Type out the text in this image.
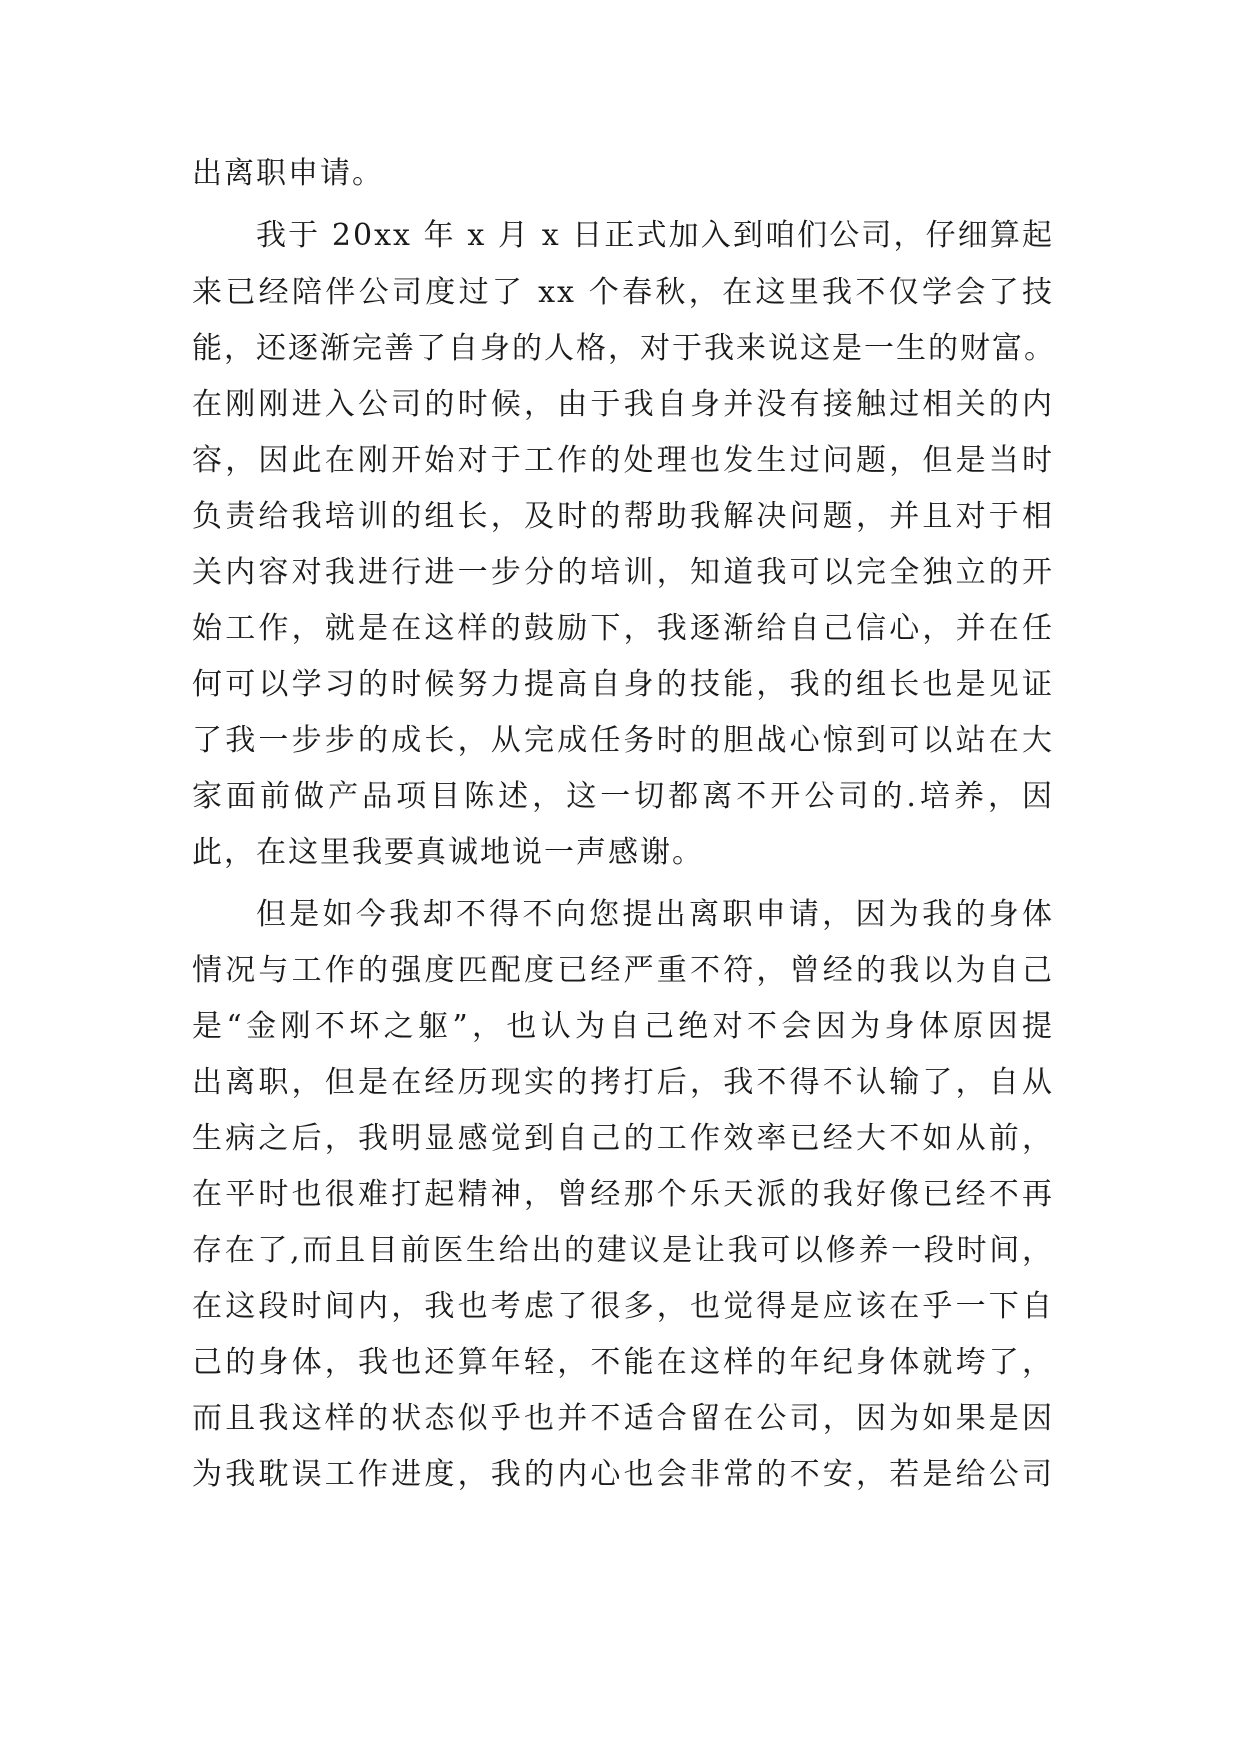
出离职申请。
我于 20xx 年 x 月 x 日正式加入到咱们公司，仔细算起
来已经陪伴公司度过了 xx 个春秋，在这里我不仅学会了技
能，还逐渐完善了自身的人格，对于我来说这是一生的财富。
在刚刚进入公司的时候，由于我自身并没有接触过相关的内
容，因此在刚开始对于工作的处理也发生过问题，但是当时
负责给我培训的组长，及时的帮助我解决问题，并且对于相
关内容对我进行进一步分的培训，知道我可以完全独立的开
始工作，就是在这样的鼓励下，我逐渐给自己信心，并在任
何可以学习的时候努力提高自身的技能，我的组长也是见证
了我一步步的成长，从完成任务时的胆战心惊到可以站在大
家面前做产品项目陈述，这一切都离不开公司的.培养，因
此，在这里我要真诚地说一声感谢。
但是如今我却不得不向您提出离职申请，因为我的身体
情况与工作的强度匹配度已经严重不符，曾经的我以为自己
是“金刚不坏之躯”，也认为自己绝对不会因为身体原因提
出离职，但是在经历现实的拷打后，我不得不认输了，自从
生病之后，我明显感觉到自己的工作效率已经大不如从前，
在平时也很难打起精神，曾经那个乐天派的我好像已经不再
存在了,而且目前医生给出的建议是让我可以修养一段时间，
在这段时间内，我也考虑了很多，也觉得是应该在乎一下自
己的身体，我也还算年轻，不能在这样的年纪身体就垮了，
而且我这样的状态似乎也并不适合留在公司，因为如果是因
为我耽误工作进度，我的内心也会非常的不安，若是给公司
